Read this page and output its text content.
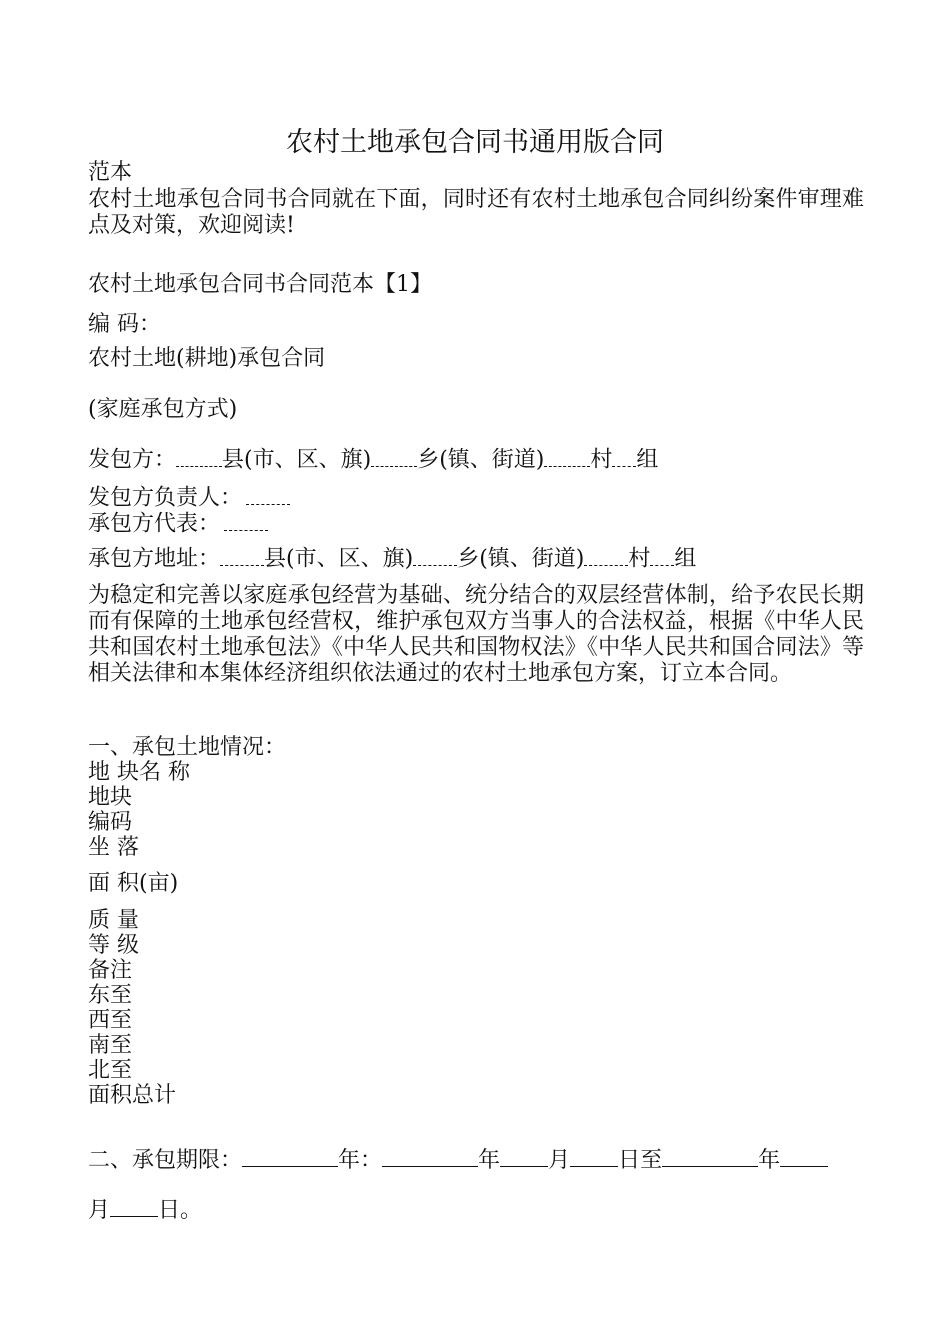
农村土地承包合同书通用版合同
范本
农村土地承包合同书合同就在下面，同时还有农村土地承包合同纠纷案件审理难点及对策，欢迎阅读!
农村土地承包合同书合同范本【1】
编 码：
农村土地(耕地)承包合同
(家庭承包方式)
发包方： 县(市、区、旗) 乡(镇、街道) 村 组
发包方负责人：
承包方代表：
承包方地址： 县(市、区、旗) 乡(镇、街道) 村 组
为稳定和完善以家庭承包经营为基础、统分结合的双层经营体制，给予农民长期而有保障的土地承包经营权，维护承包双方当事人的合法权益，根据《中华人民共和国农村土地承包法》《中华人民共和国物权法》《中华人民共和国合同法》等相关法律和本集体经济组织依法通过的农村土地承包方案，订立本合同。
一、承包土地情况：
地 块名 称
地块
编码
坐 落
面 积(亩)
质 量
等 级
备注
东至
西至
南至
北至
面积总计
二、承包期限：	年：	年 月 日至	年
月 日。
